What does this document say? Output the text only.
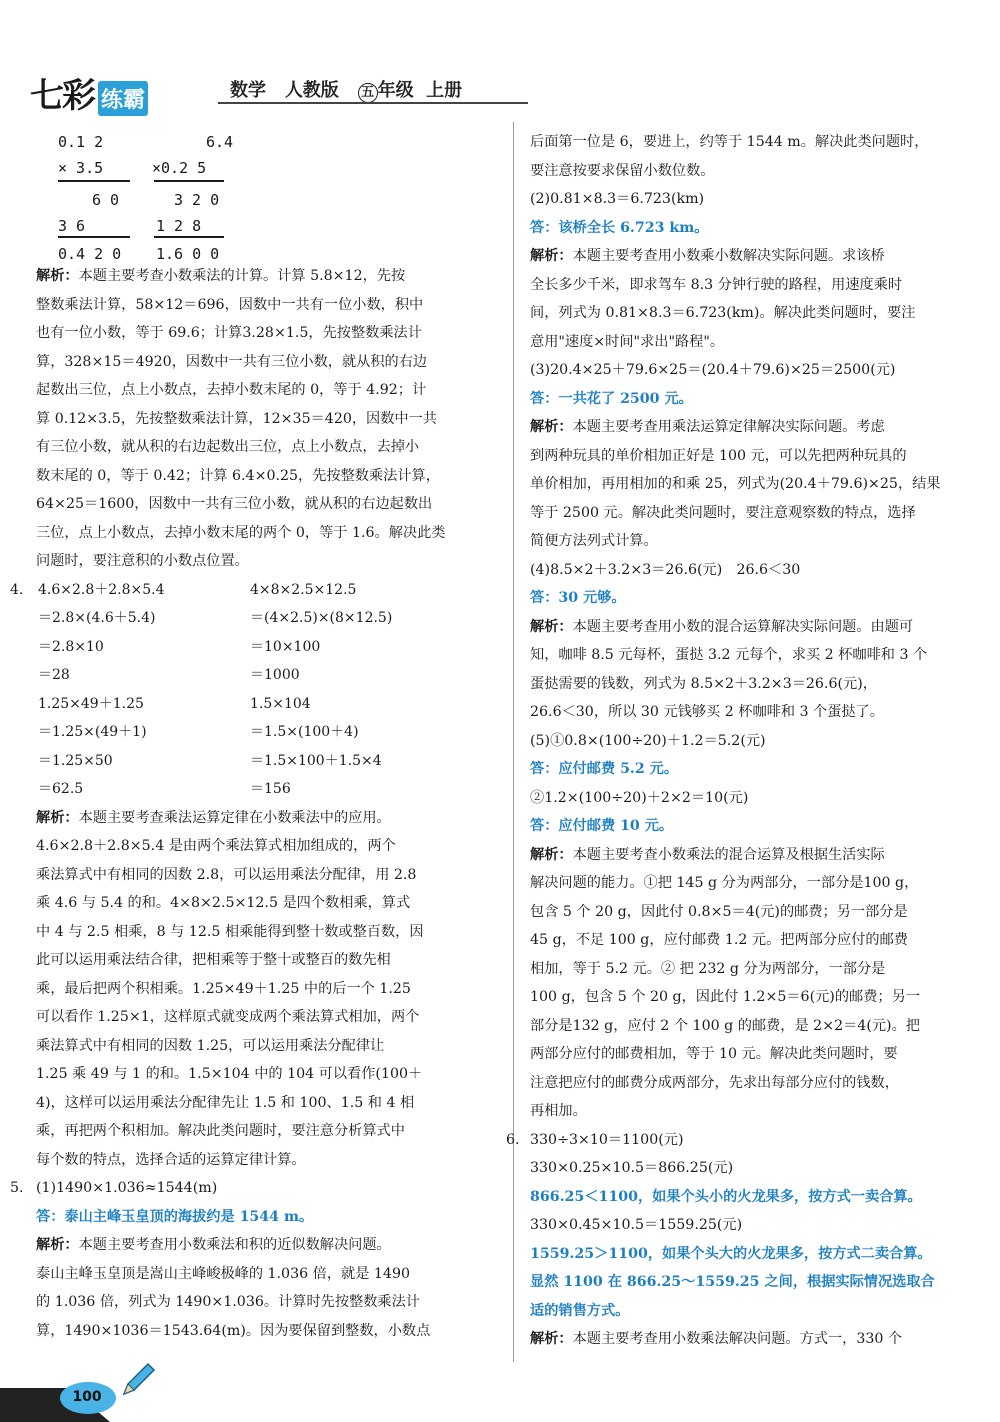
七彩 练霸	数学 人教版 五 年级 上册
0.1 2
× 3.5
6 0
3 6
0.4 2 0
6.4
×0.2 5
3 2 0
1 2 8
1.6 0 0

解析：本题主要考查小数乘法的计算。计算 5.8×12，先按

整数乘法计算，58×12＝696，因数中一共有一位小数，积中

也有一位小数，等于 69.6；计算3.28×1.5，先按整数乘法计

算，328×15＝4920，因数中一共有三位小数，就从积的右边

起数出三位，点上小数点，去掉小数末尾的 0，等于 4.92；计

算 0.12×3.5，先按整数乘法计算，12×35＝420，因数中一共

有三位小数，就从积的右边起数出三位，点上小数点，去掉小

数末尾的 0，等于 0.42；计算 6.4×0.25，先按整数乘法计算，

64×25＝1600，因数中一共有三位小数，就从积的右边起数出

三位，点上小数点，去掉小数末尾的两个 0，等于 1.6。解决此类

问题时，要注意积的小数点位置。

4.	4.6×2.8＋2.8×5.4	4×8×2.5×12.5
＝2.8×(4.6＋5.4)	＝(4×2.5)×(8×12.5)
＝2.8×10	＝10×100
＝28	＝1000
1.25×49＋1.25	1.5×104
＝1.25×(49＋1)	＝1.5×(100＋4)
＝1.25×50	＝1.5×100＋1.5×4
＝62.5	＝156

解析：本题主要考查乘法运算定律在小数乘法中的应用。

4.6×2.8＋2.8×5.4 是由两个乘法算式相加组成的，两个

乘法算式中有相同的因数 2.8，可以运用乘法分配律，用 2.8

乘 4.6 与 5.4 的和。4×8×2.5×12.5 是四个数相乘，算式

中 4 与 2.5 相乘，8 与 12.5 相乘能得到整十数或整百数，因

此可以运用乘法结合律，把相乘等于整十或整百的数先相

乘，最后把两个积相乘。1.25×49＋1.25 中的后一个 1.25

可以看作 1.25×1，这样原式就变成两个乘法算式相加，两个

乘法算式中有相同的因数 1.25，可以运用乘法分配律让

1.25 乘 49 与 1 的和。1.5×104 中的 104 可以看作(100＋

4)，这样可以运用乘法分配律先让 1.5 和 100、1.5 和 4 相

乘，再把两个积相加。解决此类问题时，要注意分析算式中

每个数的特点，选择合适的运算定律计算。

5. (1)1490×1.036≈1544(m)

答：泰山主峰玉皇顶的海拔约是 1544 m。

解析：本题主要考查用小数乘法和积的近似数解决问题。

泰山主峰玉皇顶是嵩山主峰峻极峰的 1.036 倍，就是 1490

的 1.036 倍，列式为 1490×1.036。计算时先按整数乘法计

算，1490×1036＝1543.64(m)。因为要保留到整数，小数点

后面第一位是 6，要进上，约等于 1544 m。解决此类问题时，

要注意按要求保留小数位数。

(2)0.81×8.3＝6.723(km)

答：该桥全长 6.723 km。

解析：本题主要考查用小数乘小数解决实际问题。求该桥

全长多少千米，即求驾车 8.3 分钟行驶的路程，用速度乘时

间，列式为 0.81×8.3＝6.723(km)。解决此类问题时，要注

意用"速度×时间"求出"路程"。

(3)20.4×25＋79.6×25＝(20.4＋79.6)×25＝2500(元)

答：一共花了 2500 元。

解析：本题主要考查用乘法运算定律解决实际问题。考虑

到两种玩具的单价相加正好是 100 元，可以先把两种玩具的

单价相加，再用相加的和乘 25，列式为(20.4＋79.6)×25，结果

等于 2500 元。解决此类问题时，要注意观察数的特点，选择

简便方法列式计算。

(4)8.5×2＋3.2×3＝26.6(元)　26.6＜30

答：30 元够。

解析：本题主要考查用小数的混合运算解决实际问题。由题可

知，咖啡 8.5 元每杯，蛋挞 3.2 元每个，求买 2 杯咖啡和 3 个

蛋挞需要的钱数，列式为 8.5×2＋3.2×3＝26.6(元)，

26.6＜30，所以 30 元钱够买 2 杯咖啡和 3 个蛋挞了。

(5)①0.8×(100÷20)＋1.2＝5.2(元)

答：应付邮费 5.2 元。

②1.2×(100÷20)＋2×2＝10(元)

答：应付邮费 10 元。

解析：本题主要考查小数乘法的混合运算及根据生活实际

解决问题的能力。①把 145 g 分为两部分，一部分是100 g，

包含 5 个 20 g，因此付 0.8×5＝4(元)的邮费；另一部分是

45 g，不足 100 g，应付邮费 1.2 元。把两部分应付的邮费

相加，等于 5.2 元。② 把 232 g 分为两部分，一部分是

100 g，包含 5 个 20 g，因此付 1.2×5＝6(元)的邮费；另一

部分是132 g，应付 2 个 100 g 的邮费，是 2×2＝4(元)。把

两部分应付的邮费相加，等于 10 元。解决此类问题时，要

注意把应付的邮费分成两部分，先求出每部分应付的钱数，

再相加。

6. 330÷3×10＝1100(元)

330×0.25×10.5＝866.25(元)

866.25＜1100，如果个头小的火龙果多，按方式一卖合算。

330×0.45×10.5＝1559.25(元)

1559.25＞1100，如果个头大的火龙果多，按方式二卖合算。

显然 1100 在 866.25～1559.25 之间，根据实际情况选取合

适的销售方式。

解析：本题主要考查用小数乘法解决问题。方式一，330 个

100
